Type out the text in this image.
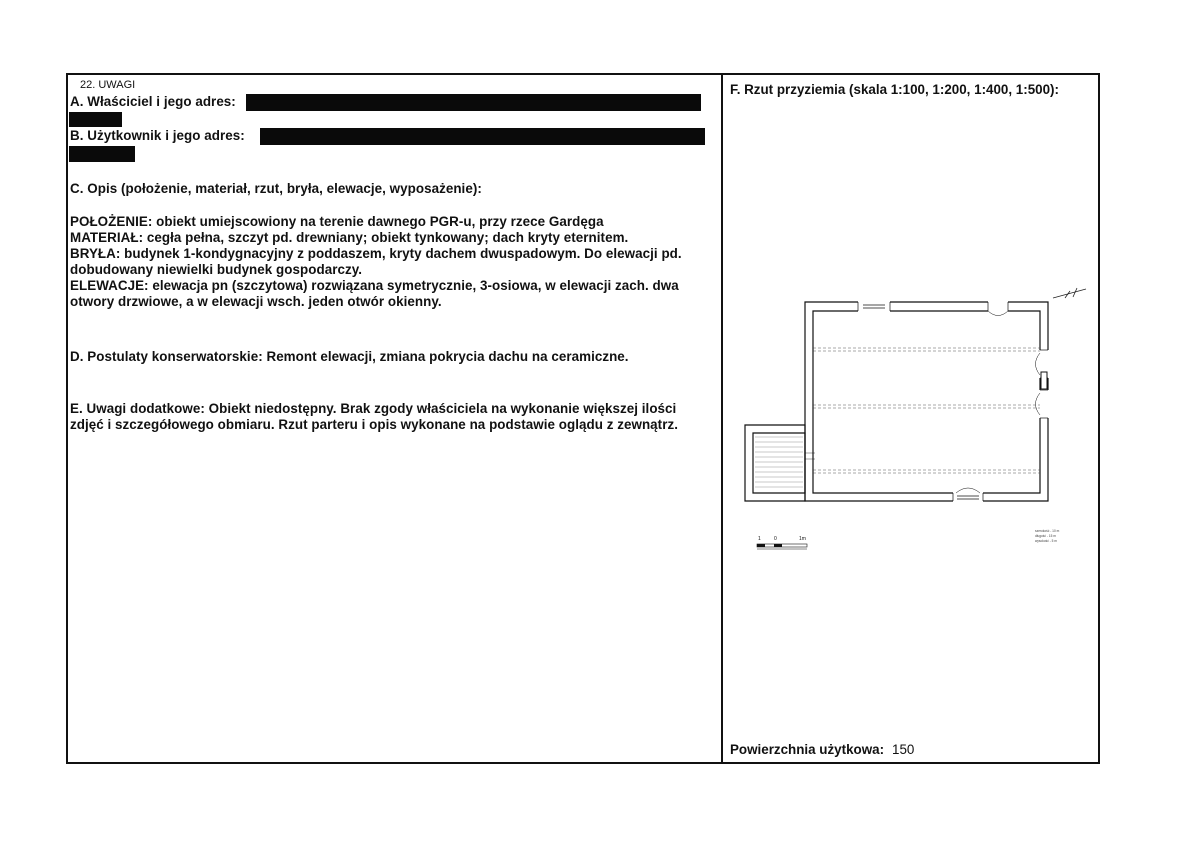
22. UWAGI
A. Właściciel i jego adres:
B. Użytkownik i jego adres:
C. Opis (położenie, materiał, rzut, bryła, elewacje, wyposażenie):
POŁOŻENIE: obiekt umiejscowiony na terenie dawnego PGR-u, przy rzece Gardęga
MATERIAŁ: cegła pełna, szczyt pd. drewniany; obiekt tynkowany; dach kryty eternitem.
BRYŁA: budynek 1-kondygnacyjny z poddaszem, kryty dachem dwuspadowym. Do elewacji pd.
dobudowany niewielki budynek gospodarczy.
ELEWACJE: elewacja pn (szczytowa) rozwiązana symetrycznie, 3-osiowa, w elewacji zach. dwa
otwory drzwiowe, a w elewacji wsch. jeden otwór okienny.
D. Postulaty konserwatorskie: Remont elewacji, zmiana pokrycia dachu na ceramiczne.
E. Uwagi dodatkowe: Obiekt niedostępny. Brak zgody właściciela na wykonanie większej ilości
zdjęć i szczegółowego obmiaru. Rzut parteru i opis wykonane na podstawie oglądu z zewnątrz.
F. Rzut przyziemia (skala 1:100, 1:200, 1:400, 1:500):
1	0	1m
szerokość - 10 m
długość - 15 m
wysokość - 5 m
Powierzchnia użytkowa: 150
